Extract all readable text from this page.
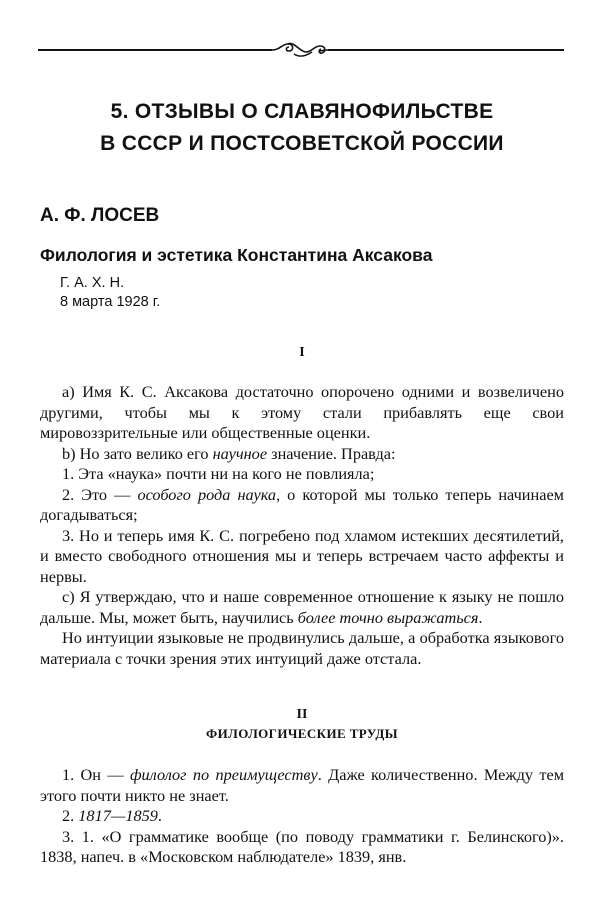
5. ОТЗЫВЫ О СЛАВЯНОФИЛЬСТВЕ
В СССР И ПОСТСОВЕТСКОЙ РОССИИ
А. Ф. ЛОСЕВ
Филология и эстетика Константина Аксакова
Г. А. Х. Н.
8 марта 1928 г.
I

а) Имя К. С. Аксакова достаточно опорочено одними и возвеличено другими, чтобы мы к этому стали прибавлять еще свои мировоззрительные или общественные оценки.

b) Но зато велико его научное значение. Правда:

1. Эта «наука» почти ни на кого не повлияла;

2. Это — особого рода наука, о которой мы только теперь начинаем догадываться;

3. Но и теперь имя К. С. погребено под хламом истекших десятилетий, и вместо свободного отношения мы и теперь встречаем часто аффекты и нервы.

c) Я утверждаю, что и наше современное отношение к языку не пошло дальше. Мы, может быть, научились более точно выражаться.

Но интуиции языковые не продвинулись дальше, а обработка языкового материала с точки зрения этих интуиций даже отстала.

II
ФИЛОЛОГИЧЕСКИЕ ТРУДЫ

1. Он — филолог по преимуществу. Даже количественно. Между тем этого почти никто не знает.

2. 1817—1859.

3. 1. «О грамматике вообще (по поводу грамматики г. Белинского)». 1838, напеч. в «Московском наблюдателе» 1839, янв.
